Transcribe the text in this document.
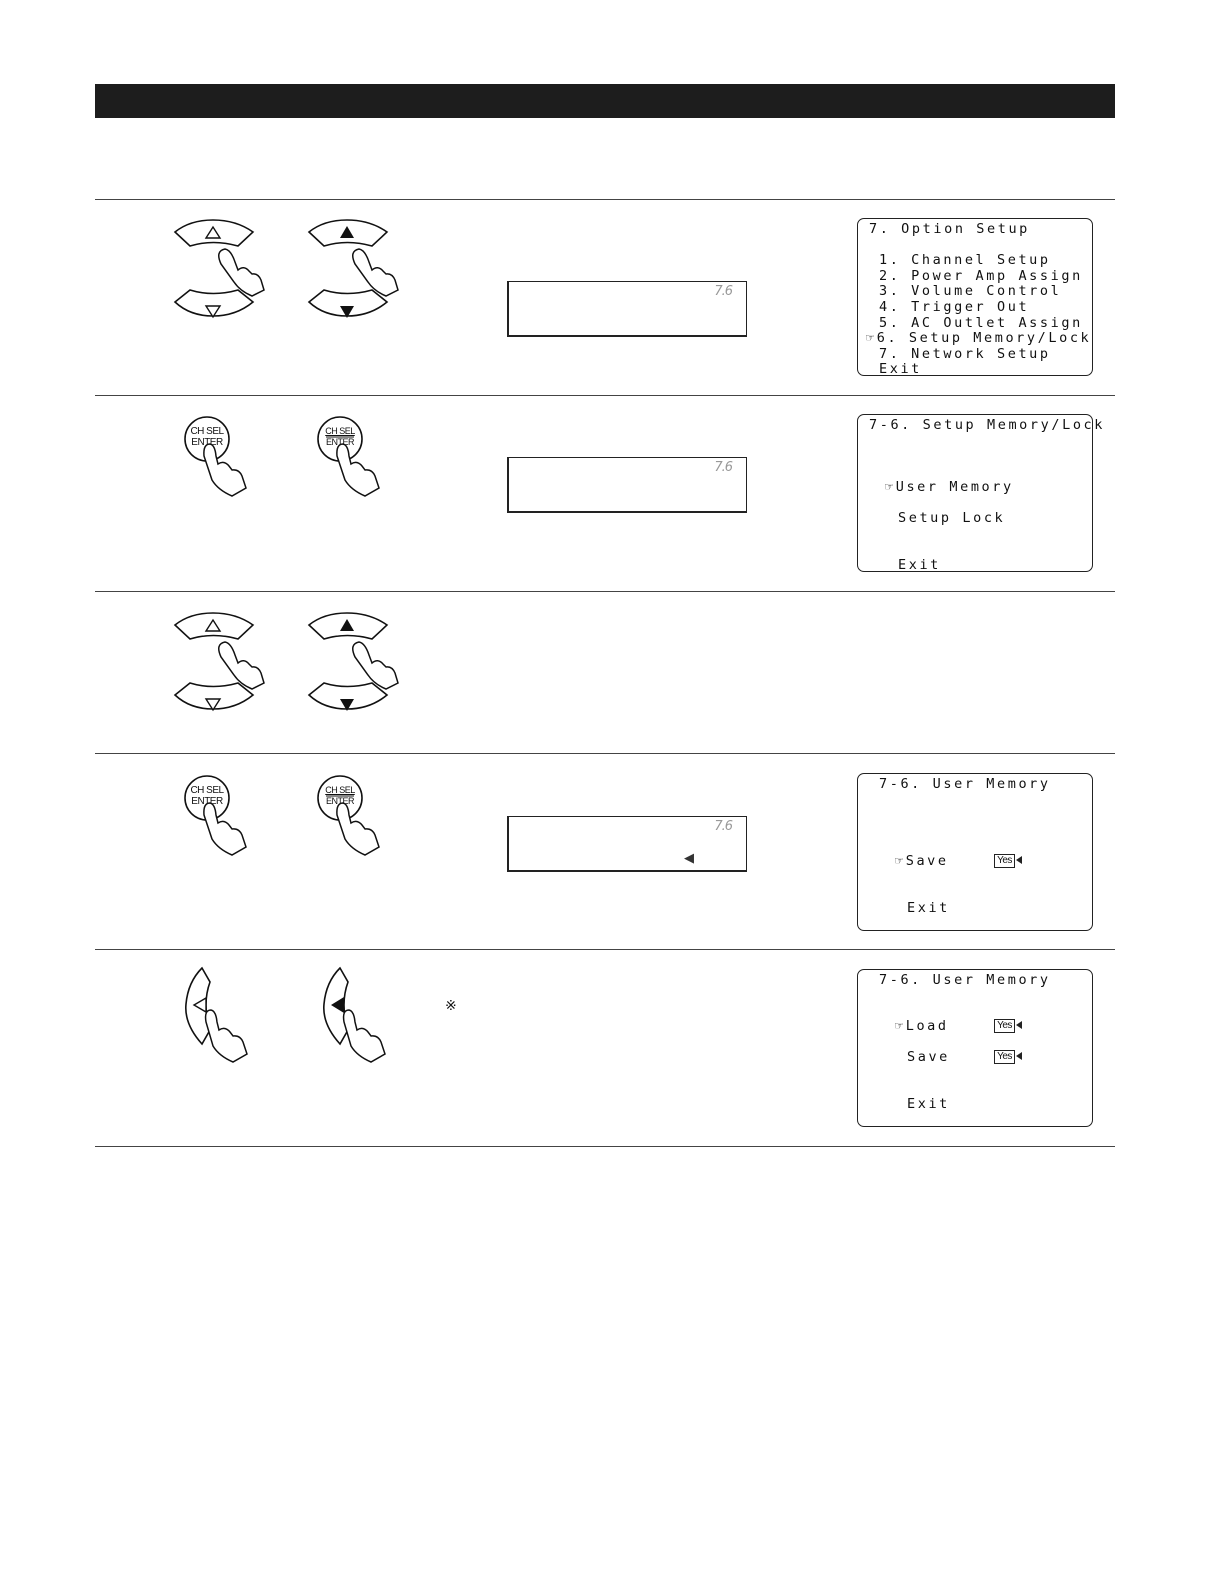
7.6
7. Option Setup
1. Channel Setup
2. Power Amp Assign
3. Volume Control
4. Trigger Out
5. AC Outlet Assign
☞6. Setup Memory/Lock
7. Network Setup
Exit
CH SEL
ENTER
CH SEL
ENTER
7.6
7-6. Setup Memory/Lock
☞User Memory
Setup Lock
Exit
CH SEL
ENTER
CH SEL
ENTER
7.6
◀
7-6. User Memory
☞Save	Yes
Exit
※
7-6. User Memory
☞Load	Yes
Save	Yes
Exit
